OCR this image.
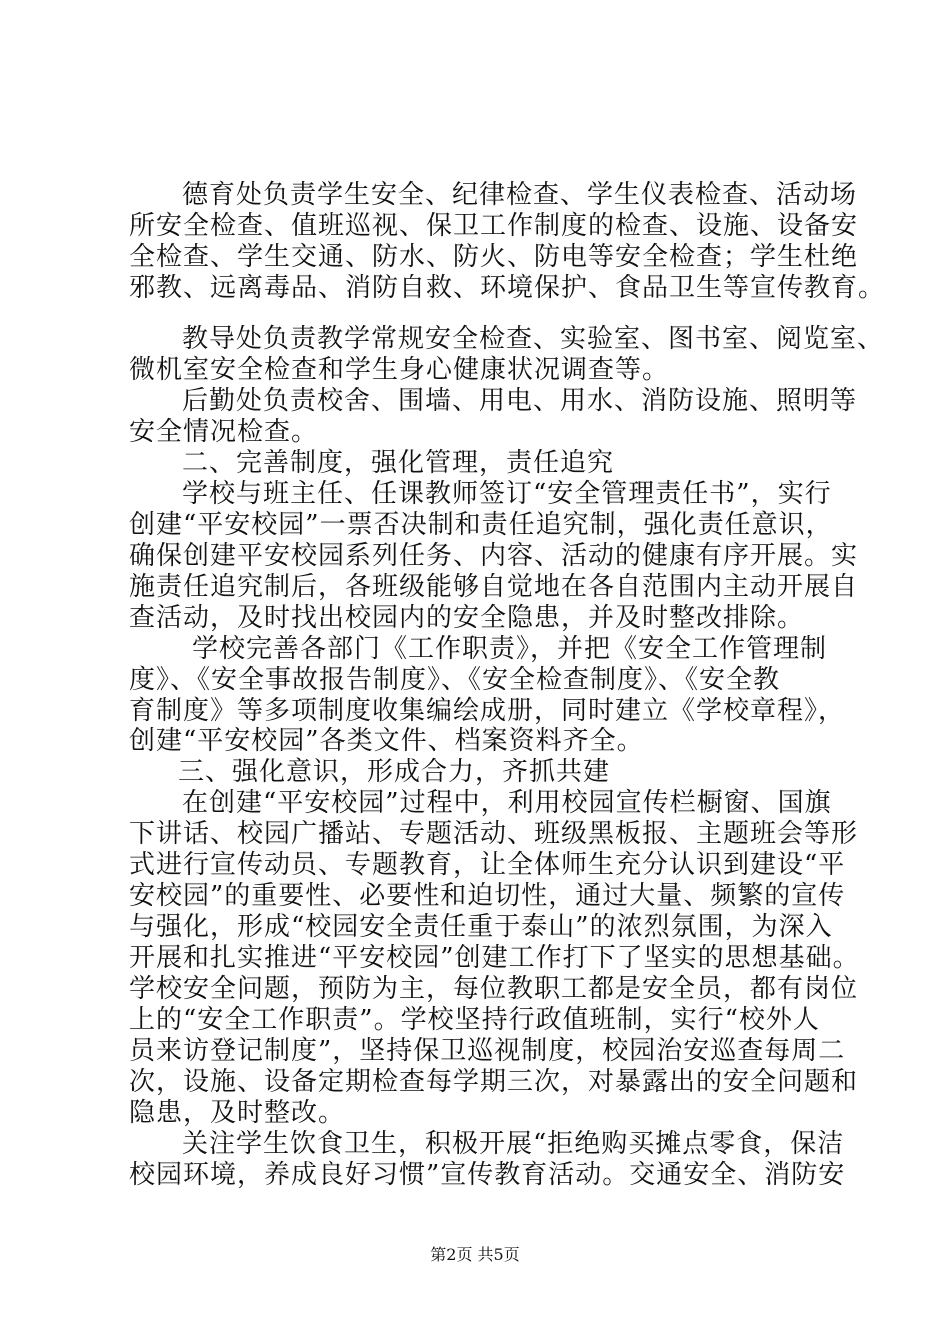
德育处负责学生安全、纪律检查、学生仪表检查、活动场
所安全检查、值班巡视、保卫工作制度的检查、设施、设备安
全检查、学生交通、防水、防火、防电等安全检查；学生杜绝
邪教、远离毒品、消防自救、环境保护、食品卫生等宣传教育。
教导处负责教学常规安全检查、实验室、图书室、阅览室、
微机室安全检查和学生身心健康状况调查等。
后勤处负责校舍、围墙、用电、用水、消防设施、照明等
安全情况检查。
二、完善制度，强化管理，责任追究
学校与班主任、任课教师签订“安全管理责任书”，实行
创建“平安校园”一票否决制和责任追究制，强化责任意识，
确保创建平安校园系列任务、内容、活动的健康有序开展。实
施责任追究制后，各班级能够自觉地在各自范围内主动开展自
查活动，及时找出校园内的安全隐患，并及时整改排除。
学校完善各部门《工作职责》，并把《安全工作管理制
度》、《安全事故报告制度》、《安全检查制度》、《安全教
育制度》等多项制度收集编绘成册，同时建立《学校章程》，
创建“平安校园”各类文件、档案资料齐全。
三、强化意识，形成合力，齐抓共建
在创建“平安校园”过程中，利用校园宣传栏橱窗、国旗
下讲话、校园广播站、专题活动、班级黑板报、主题班会等形
式进行宣传动员、专题教育，让全体师生充分认识到建设“平
安校园”的重要性、必要性和迫切性，通过大量、频繁的宣传
与强化，形成“校园安全责任重于泰山”的浓烈氛围，为深入
开展和扎实推进“平安校园”创建工作打下了坚实的思想基础。
学校安全问题，预防为主，每位教职工都是安全员，都有岗位
上的“安全工作职责”。学校坚持行政值班制，实行“校外人
员来访登记制度”，坚持保卫巡视制度，校园治安巡查每周二
次，设施、设备定期检查每学期三次，对暴露出的安全问题和
隐患，及时整改。
关注学生饮食卫生，积极开展“拒绝购买摊点零食，保洁
校园环境，养成良好习惯”宣传教育活动。交通安全、消防安
第2页 共5页
